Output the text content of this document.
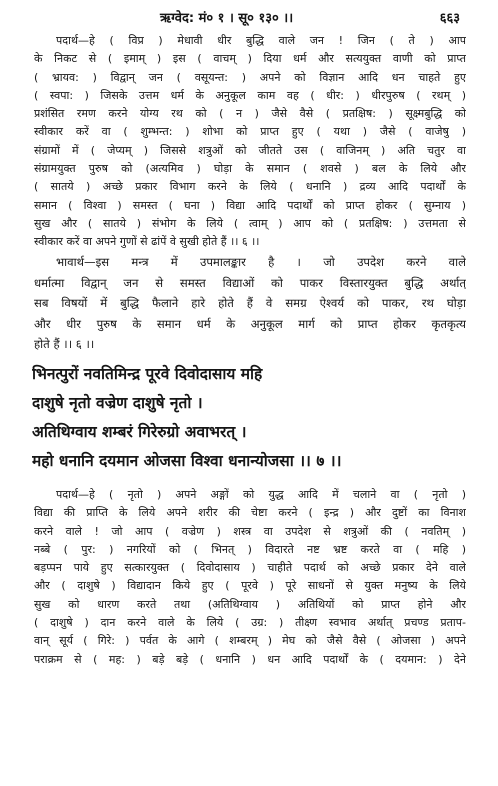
ऋग्वेद: मं० १ । सू० १३० ।।	६६३
पदार्थ—हे ( विप्र ) मेधावी धीर बुद्धि वाले जन ! जिन ( ते ) आप
के निकट से ( इमाम् ) इस ( वाचम् ) दिया धर्म और सत्ययुक्त वाणी को प्राप्त
( भ्रायव: ) विद्वान् जन ( वसूयन्त: ) अपने को विज्ञान आदि धन चाहते हुए
( स्वपा: ) जिसके उत्तम धर्म के अनुकूल काम वह ( धीर: ) धीरपुरुष ( रथम् )
प्रशंसित रमण करने योग्य रथ को ( न ) जैसे वैसे ( प्रतक्षिष: ) सूक्ष्मबुद्धि को
स्वीकार करें वा ( शुम्भन्त: ) शोभा को प्राप्त हुए ( यथा ) जैसे ( वाजेषु )
संग्रामों में ( जेप्यम् ) जिससे शत्रुओं को जीतते उस ( वाजिनम् ) अति चतुर वा
संग्रामयुक्त पुरुष को (अत्यमिव ) घोड़ा के समान ( शवसे ) बल के लिये और
( सातये ) अच्छे प्रकार विभाग करने के लिये ( धनानि ) द्रव्य आदि पदार्थों के
समान ( विश्वा ) समस्त ( घना ) विद्या आदि पदार्थों को प्राप्त होकर ( सुम्नाय )
सुख और ( सातये ) संभोग के लिये ( त्वाम् ) आप को ( प्रतक्षिष: ) उत्तमता से
स्वीकार करें वा अपने गुणों से ढांपें वे सुखी होते हैं ।। ६ ।।
भावार्थ—इस मन्त्र में उपमालङ्कार है । जो उपदेश करने वाले
धर्मात्मा विद्वान् जन से समस्त विद्याओं को पाकर विस्तारयुक्त बुद्धि अर्थात्
सब विषयों में बुद्धि फैलाने हारे होते हैं वे समग्र ऐश्वर्य को पाकर, रथ घोड़ा
और धीर पुरुष के समान धर्म के अनुकूल मार्ग को प्राप्त होकर कृतकृत्य
होते हैं ।। ६ ।।
भिनत्पुरों नवतिमिन्द्र पूरवे दिवोदासाय महि
दाशुषे नृतो वज्रेण दाशुषे नृतो ।
अतिथिग्वाय शम्बरं गिरेरुग्रो अवाभरत् ।
महो धनानि दयमान ओजसा विश्वा धनान्योजसा ।। ७ ।।
पदार्थ—हे ( नृतो ) अपने अङ्गों को युद्ध आदि में चलाने वा ( नृतो )
विद्या की प्राप्ति के लिये अपने शरीर की चेष्टा करने ( इन्द्र ) और दुष्टों का विनाश
करने वाले ! जो आप ( वज्रेण ) शस्त्र वा उपदेश से शत्रुओं की ( नवतिम् )
नब्बे ( पुर: ) नगरियों को ( भिनत् ) विदारते नष्ट भ्रष्ट करते वा ( महि )
बड़प्पन पाये हुए सत्कारयुक्त ( दिवोदासाय ) चाहीते पदार्थ को अच्छे प्रकार देने वाले
और ( दाशुषे ) विद्यादान किये हुए ( पूरवे ) पूरे साधनों से युक्त मनुष्य के लिये
सुख को धारण करते तथा (अतिथिग्वाय ) अतिथियों को प्राप्त होने और
( दाशुषे ) दान करने वाले के लिये ( उग्र: ) तीक्ष्ण स्वभाव अर्थात् प्रचण्ड प्रताप-
वान् सूर्य ( गिरे: ) पर्वत के आगे ( शम्बरम् ) मेघ को जैसे वैसे ( ओजसा ) अपने
पराक्रम से ( मह: ) बड़े बड़े ( धनानि ) धन आदि पदार्थों के ( दयमान: ) देने
